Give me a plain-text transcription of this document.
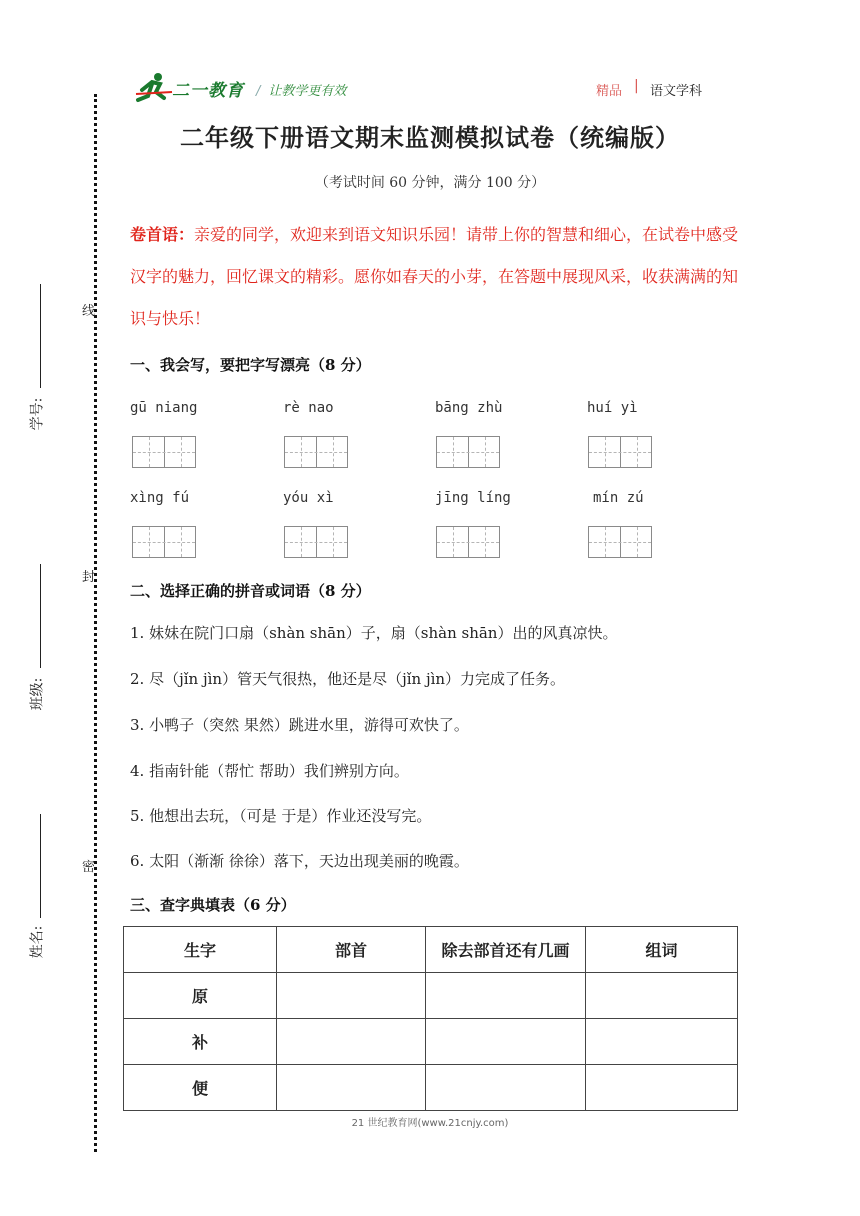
二一教育 / 让教学更有效	精品 | 语文学科
线
封
密
学号:
班级:
姓名:
二年级下册语文期末监测模拟试卷（统编版）
（考试时间 60 分钟，满分 100 分）
卷首语：亲爱的同学，欢迎来到语文知识乐园！请带上你的智慧和细心，在试卷中感受汉字的魅力，回忆课文的精彩。愿你如春天的小芽，在答题中展现风采，收获满满的知识与快乐！
一、我会写，要把字写漂亮（8 分）
gū niang	rè nao	bāng zhù	huí yì
xìng fú	yóu xì	jīng líng	mín zú
二、选择正确的拼音或词语（8 分）
1. 妹妹在院门口扇（shàn shān）子，扇（shàn shān）出的风真凉快。
2. 尽（jǐn jìn）管天气很热，他还是尽（jǐn jìn）力完成了任务。
3. 小鸭子（突然 果然）跳进水里，游得可欢快了。
4. 指南针能（帮忙 帮助）我们辨别方向。
5. 他想出去玩，（可是 于是）作业还没写完。
6. 太阳（渐渐 徐徐）落下，天边出现美丽的晚霞。
三、查字典填表（6 分）
生字	部首	除去部首还有几画	组词
原			
补			
便			
21 世纪教育网(www.21cnjy.com)
